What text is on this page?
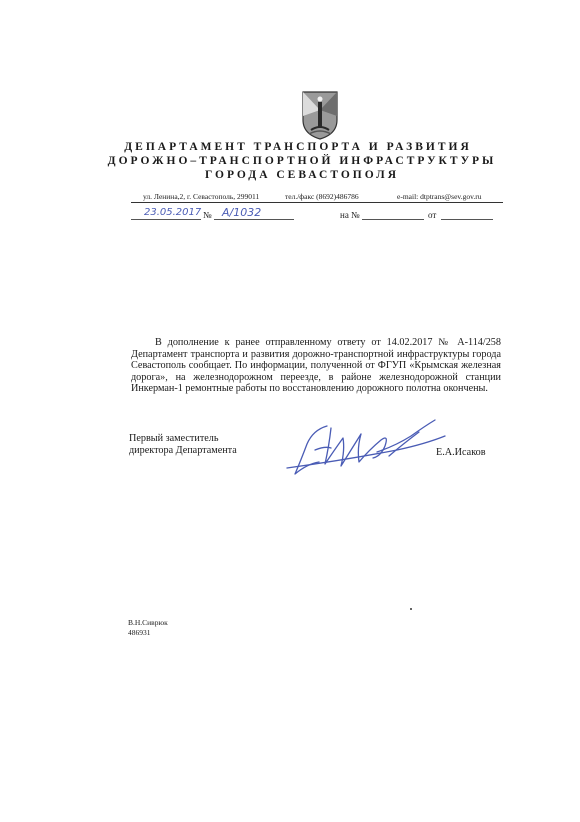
ДЕПАРТАМЕНТ ТРАНСПОРТА И РАЗВИТИЯ
ДОРОЖНО–ТРАНСПОРТНОЙ ИНФРАСТРУКТУРЫ
ГОРОДА СЕВАСТОПОЛЯ
ул. Ленина,2, г. Севастополь, 299011	тел./факс (8692)486786	e-mail: dtptrans@sev.gov.ru
23.05.2017 № А/1032	на №	от

В дополнение к ранее отправленному ответу от 14.02.2017 № А-114/258 Департамент транспорта и развития дорожно-транспортной инфраструктуры города Севастополь сообщает. По информации, полученной от ФГУП «Крымская железная дорога», на железнодорожном переезде, в районе железнодорожной станции Инкерман-1 ремонтные работы по восстановлению дорожного полотна окончены.

Первый заместитель
директора Департамента	Е.А.Исаков
В.Н.Сиврюк
486931
